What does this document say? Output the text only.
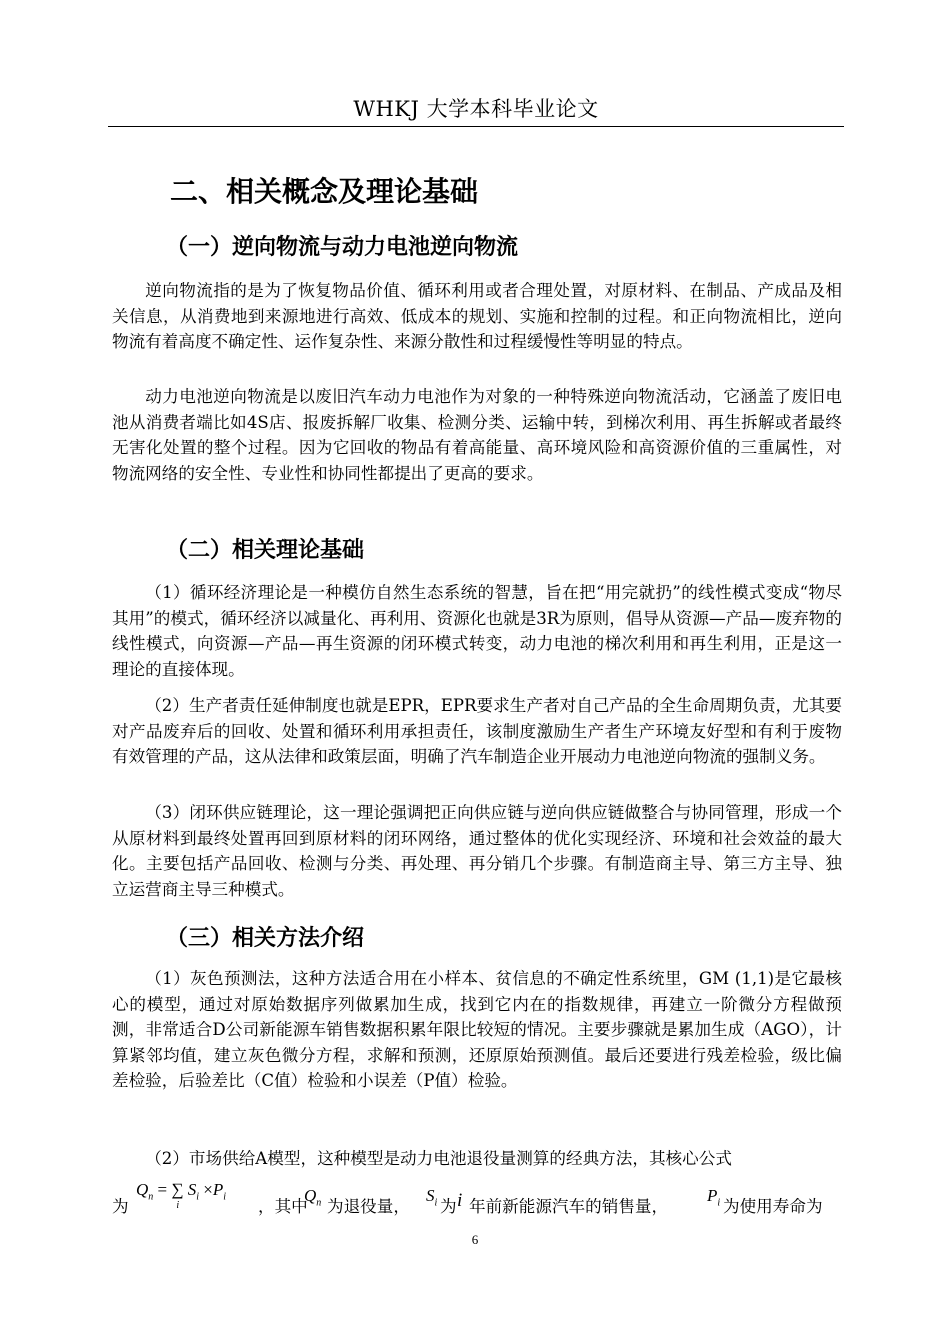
WHKJ 大学本科毕业论文
二、相关概念及理论基础
（一）逆向物流与动力电池逆向物流
逆向物流指的是为了恢复物品价值、循环利用或者合理处置，对原材料、在制品、产成品及相关信息，从消费地到来源地进行高效、低成本的规划、实施和控制的过程。和正向物流相比，逆向物流有着高度不确定性、运作复杂性、来源分散性和过程缓慢性等明显的特点。
动力电池逆向物流是以废旧汽车动力电池作为对象的一种特殊逆向物流活动，它涵盖了废旧电池从消费者端比如4S店、报废拆解厂收集、检测分类、运输中转，到梯次利用、再生拆解或者最终无害化处置的整个过程。因为它回收的物品有着高能量、高环境风险和高资源价值的三重属性，对物流网络的安全性、专业性和协同性都提出了更高的要求。
（二）相关理论基础
（1）循环经济理论是一种模仿自然生态系统的智慧，旨在把“用完就扔”的线性模式变成“物尽其用”的模式，循环经济以减量化、再利用、资源化也就是3R为原则，倡导从资源—产品—废弃物的线性模式，向资源—产品—再生资源的闭环模式转变，动力电池的梯次利用和再生利用，正是这一理论的直接体现。
（2）生产者责任延伸制度也就是EPR，EPR要求生产者对自己产品的全生命周期负责，尤其要对产品废弃后的回收、处置和循环利用承担责任，该制度激励生产者生产环境友好型和有利于废物有效管理的产品，这从法律和政策层面，明确了汽车制造企业开展动力电池逆向物流的强制义务。
（3）闭环供应链理论，这一理论强调把正向供应链与逆向供应链做整合与协同管理，形成一个从原材料到最终处置再回到原材料的闭环网络，通过整体的优化实现经济、环境和社会效益的最大化。主要包括产品回收、检测与分类、再处理、再分销几个步骤。有制造商主导、第三方主导、独立运营商主导三种模式。
（三）相关方法介绍
（1）灰色预测法，这种方法适合用在小样本、贫信息的不确定性系统里，GM (1,1)是它最核心的模型，通过对原始数据序列做累加生成，找到它内在的指数规律，再建立一阶微分方程做预测，非常适合D公司新能源车销售数据积累年限比较短的情况。主要步骤就是累加生成（AGO），计算紧邻均值，建立灰色微分方程，求解和预测，还原原始预测值。最后还要进行残差检验，级比偏差检验，后验差比（C值）检验和小误差（P值）检验。
（2）市场供给A模型，这种模型是动力电池退役量测算的经典方法，其核心公式
为
$Q_n$ = ∑
i
$S_i \times P_i$
，其中
$Q_n$ 为退役量，
$S_i$ 为 i 年前新能源汽车的销售量，
$P_i$ 为使用寿命为
6
